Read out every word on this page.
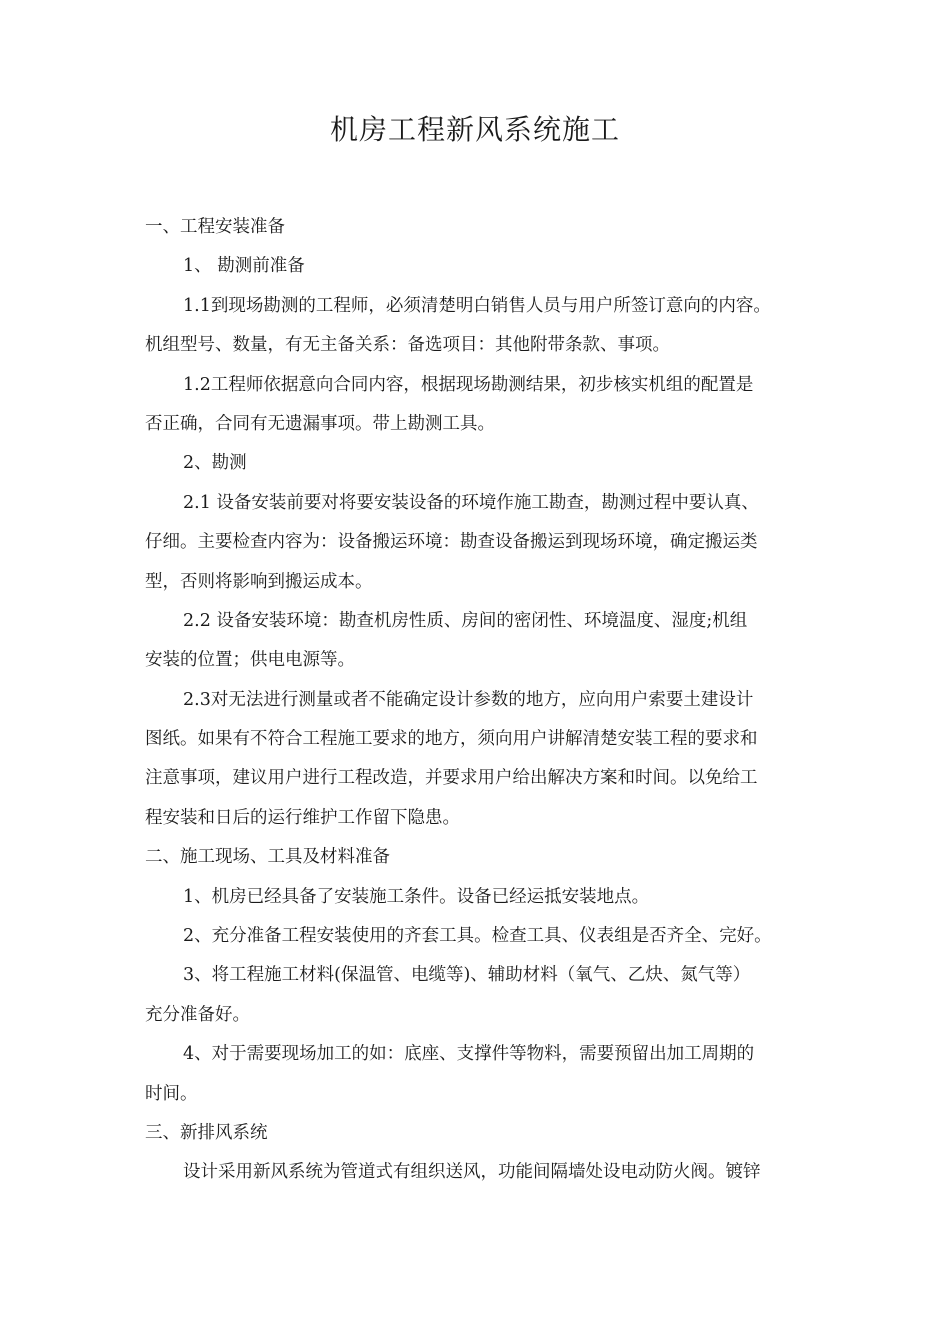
机房工程新风系统施工
一、工程安装准备
1、 勘测前准备
1.1到现场勘测的工程师，必须清楚明白销售人员与用户所签订意向的内容。
机组型号、数量，有无主备关系：备选项目：其他附带条款、事项。
1.2工程师依据意向合同内容，根据现场勘测结果，初步核实机组的配置是
否正确，合同有无遗漏事项。带上勘测工具。
2、勘测
2.1 设备安装前要对将要安装设备的环境作施工勘查，勘测过程中要认真、
仔细。主要检查内容为：设备搬运环境：勘查设备搬运到现场环境，确定搬运类
型，否则将影响到搬运成本。
2.2 设备安装环境：勘查机房性质、房间的密闭性、环境温度、湿度;机组
安装的位置；供电电源等。
2.3对无法进行测量或者不能确定设计参数的地方，应向用户索要土建设计
图纸。如果有不符合工程施工要求的地方，须向用户讲解清楚安装工程的要求和
注意事项，建议用户进行工程改造，并要求用户给出解决方案和时间。以免给工
程安装和日后的运行维护工作留下隐患。
二、施工现场、工具及材料准备
1、机房已经具备了安装施工条件。设备已经运抵安装地点。
2、充分准备工程安装使用的齐套工具。检查工具、仪表组是否齐全、完好。
3、将工程施工材料(保温管、电缆等)、辅助材料（氧气、乙炔、氮气等）
充分准备好。
4、对于需要现场加工的如：底座、支撑件等物料，需要预留出加工周期的
时间。
三、新排风系统
设计采用新风系统为管道式有组织送风，功能间隔墙处设电动防火阀。镀锌
